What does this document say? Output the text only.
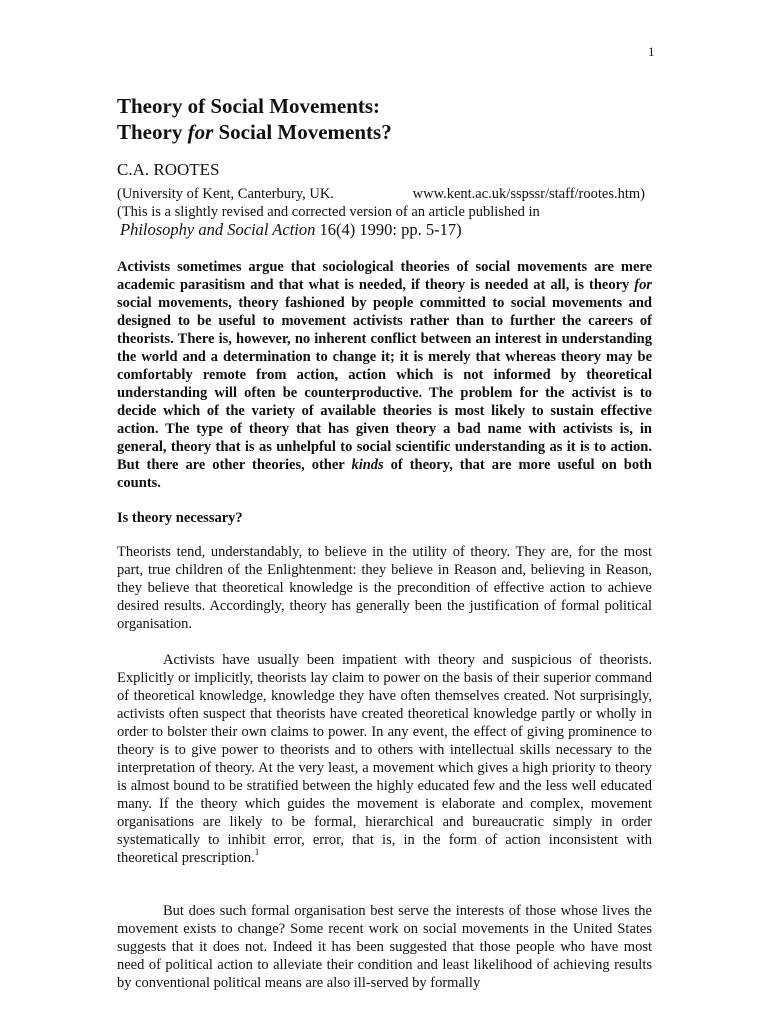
1
Theory of Social Movements:
Theory for Social Movements?
C.A. ROOTES
(University of Kent, Canterbury, UK.	www.kent.ac.uk/sspssr/staff/rootes.htm)
(This is a slightly revised and corrected version of an article published in
Philosophy and Social Action 16(4) 1990: pp. 5-17)

Activists sometimes argue that sociological theories of social movements are mere academic parasitism and that what is needed, if theory is needed at all, is theory for social movements, theory fashioned by people committed to social movements and designed to be useful to movement activists rather than to further the careers of theorists. There is, however, no inherent conflict between an interest in understanding the world and a determination to change it; it is merely that whereas theory may be comfortably remote from action, action which is not informed by theoretical understanding will often be counterproductive. The problem for the activist is to decide which of the variety of available theories is most likely to sustain effective action. The type of theory that has given theory a bad name with activists is, in general, theory that is as unhelpful to social scientific understanding as it is to action. But there are other theories, other kinds of theory, that are more useful on both counts.

Is theory necessary?

Theorists tend, understandably, to believe in the utility of theory. They are, for the most part, true children of the Enlightenment: they believe in Reason and, believing in Reason, they believe that theoretical knowledge is the precondition of effective action to achieve desired results. Accordingly, theory has generally been the justification of formal political organisation.

Activists have usually been impatient with theory and suspicious of theorists. Explicitly or implicitly, theorists lay claim to power on the basis of their superior command of theoretical knowledge, knowledge they have often themselves created. Not surprisingly, activists often suspect that theorists have created theoretical knowledge partly or wholly in order to bolster their own claims to power. In any event, the effect of giving prominence to theory is to give power to theorists and to others with intellectual skills necessary to the interpretation of theory. At the very least, a movement which gives a high priority to theory is almost bound to be stratified between the highly educated few and the less well educated many. If the theory which guides the movement is elaborate and complex, movement organisations are likely to be formal, hierarchical and bureaucratic simply in order systematically to inhibit error, error, that is, in the form of action inconsistent with theoretical prescription.$^1$

But does such formal organisation best serve the interests of those whose lives the movement exists to change? Some recent work on social movements in the United States suggests that it does not. Indeed it has been suggested that those people who have most need of political action to alleviate their condition and least likelihood of achieving results by conventional political means are also ill-served by formally
